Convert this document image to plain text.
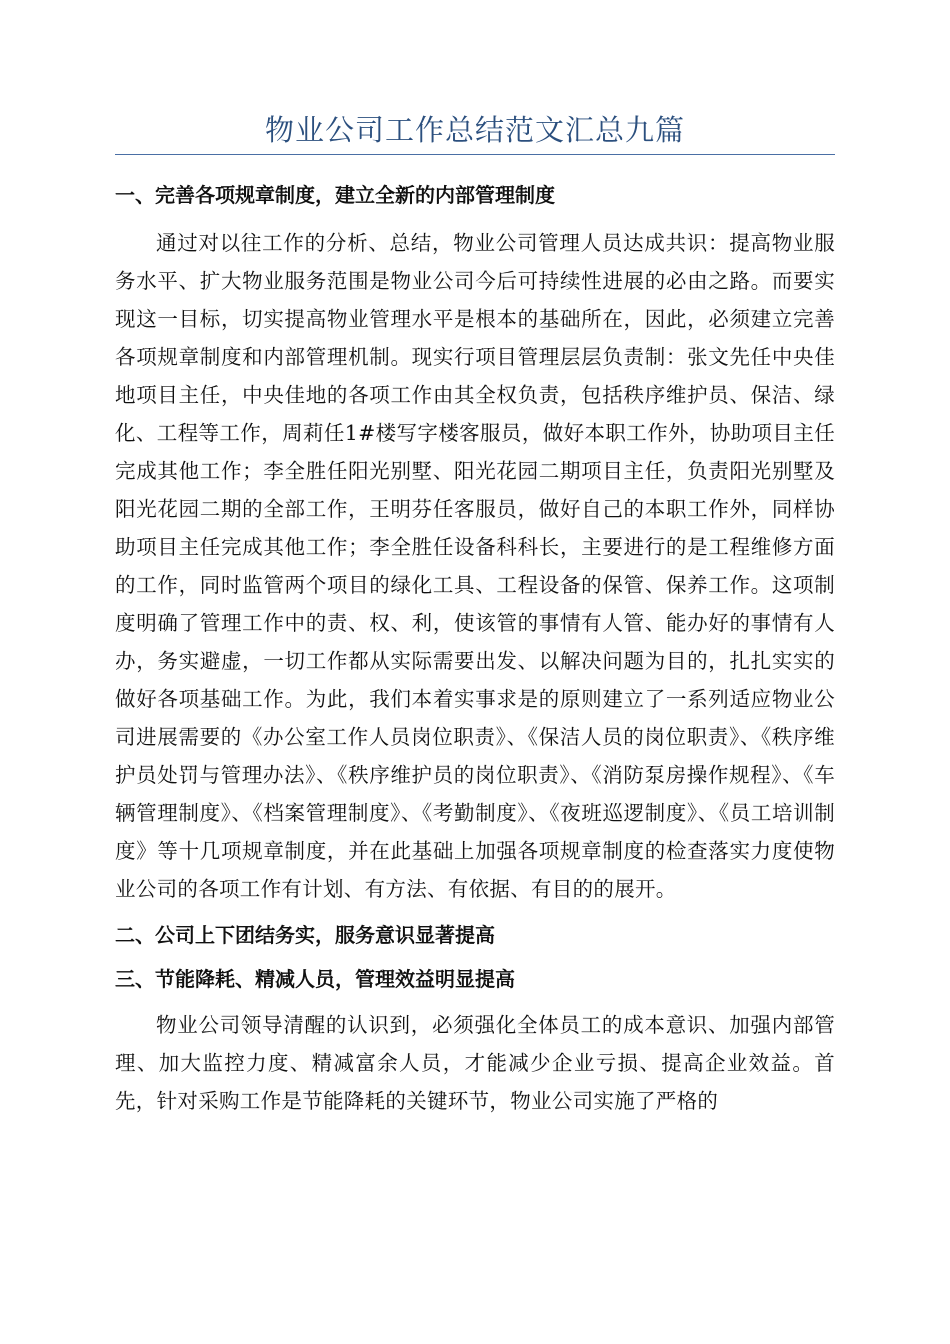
物业公司工作总结范文汇总九篇
一、完善各项规章制度，建立全新的内部管理制度

通过对以往工作的分析、总结，物业公司管理人员达成共识：提高物业服务水平、扩大物业服务范围是物业公司今后可持续性进展的必由之路。而要实现这一目标，切实提高物业管理水平是根本的基础所在，因此，必须建立完善各项规章制度和内部管理机制。现实行项目管理层层负责制：张文先任中央佳地项目主任，中央佳地的各项工作由其全权负责，包括秩序维护员、保洁、绿化、工程等工作，周莉任1#楼写字楼客服员，做好本职工作外，协助项目主任完成其他工作；李全胜任阳光别墅、阳光花园二期项目主任，负责阳光别墅及阳光花园二期的全部工作，王明芬任客服员，做好自己的本职工作外，同样协助项目主任完成其他工作；李全胜任设备科科长，主要进行的是工程维修方面的工作，同时监管两个项目的绿化工具、工程设备的保管、保养工作。这项制度明确了管理工作中的责、权、利，使该管的事情有人管、能办好的事情有人办，务实避虚，一切工作都从实际需要出发、以解决问题为目的，扎扎实实的做好各项基础工作。为此，我们本着实事求是的原则建立了一系列适应物业公司进展需要的《办公室工作人员岗位职责》、《保洁人员的岗位职责》、《秩序维护员处罚与管理办法》、《秩序维护员的岗位职责》、《消防泵房操作规程》、《车辆管理制度》、《档案管理制度》、《考勤制度》、《夜班巡逻制度》、《员工培训制度》等十几项规章制度，并在此基础上加强各项规章制度的检查落实力度使物业公司的各项工作有计划、有方法、有依据、有目的的展开。

二、公司上下团结务实，服务意识显著提高
三、节能降耗、精减人员，管理效益明显提高

物业公司领导清醒的认识到，必须强化全体员工的成本意识、加强内部管理、加大监控力度、精减富余人员，才能减少企业亏损、提高企业效益。首先，针对采购工作是节能降耗的关键环节，物业公司实施了严格的
